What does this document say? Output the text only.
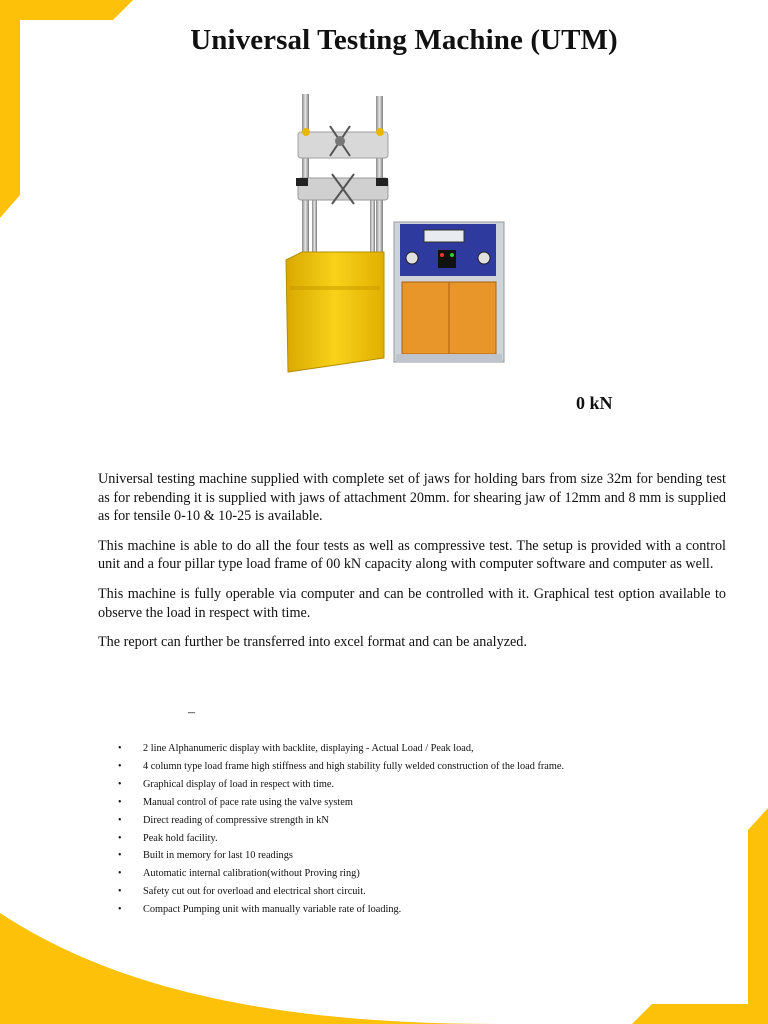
Universal Testing Machine (UTM)
0 kN

Universal testing machine supplied with complete set of jaws for holding bars from size 32m for bending test as for rebending it is supplied with jaws of attachment 20mm. for shearing jaw of 12mm and 8 mm is supplied as for tensile 0-10 & 10-25 is available.

This machine is able to do all the four tests as well as compressive test. The setup is provided with a control unit and a four pillar type load frame of 00 kN capacity along with computer software and computer as well.

This machine is fully operable via computer and can be controlled with it. Graphical test option available to observe the load in respect with time.

The report can further be transferred into excel format and can be analyzed.

–
• 2 line Alphanumeric display with backlite, displaying - Actual Load / Peak load,
• 4 column type load frame high stiffness and high stability fully welded construction of the load frame.
• Graphical display of load in respect with time.
• Manual control of pace rate using the valve system
• Direct reading of compressive strength in kN
• Peak hold facility.
• Built in memory for last 10 readings
• Automatic internal calibration(without Proving ring)
• Safety cut out for overload and electrical short circuit.
• Compact Pumping unit with manually variable rate of loading.
